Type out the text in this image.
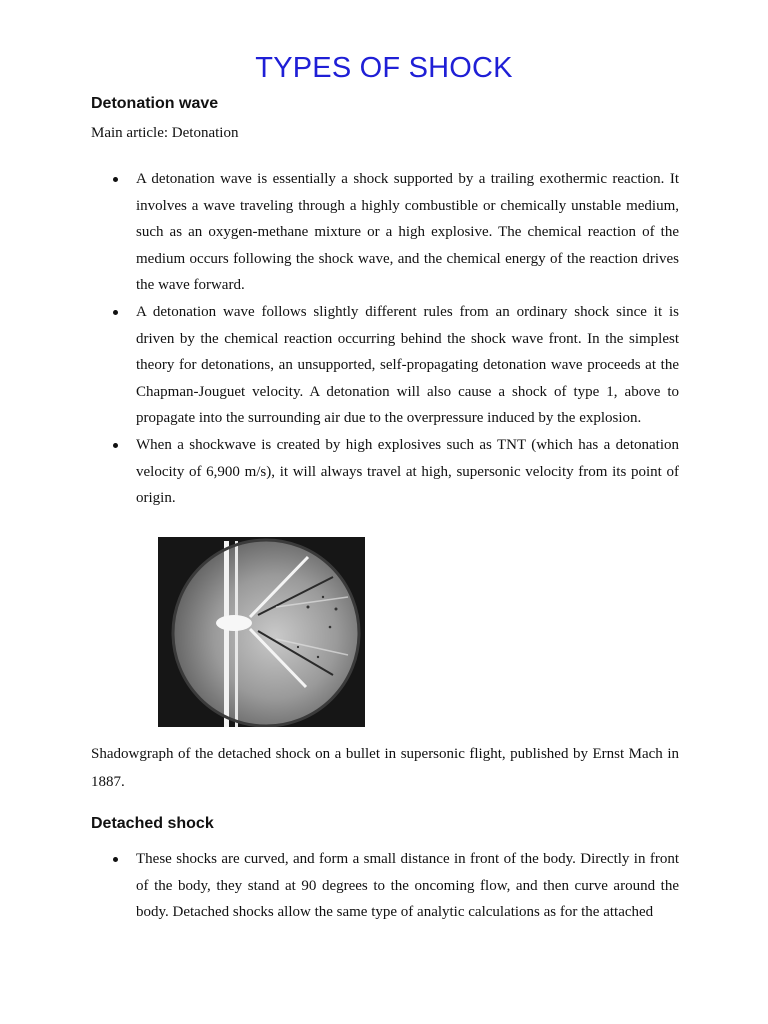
TYPES OF SHOCK
Detonation wave

Main article: Detonation

A detonation wave is essentially a shock supported by a trailing exothermic reaction. It involves a wave traveling through a highly combustible or chemically unstable medium, such as an oxygen-methane mixture or a high explosive. The chemical reaction of the medium occurs following the shock wave, and the chemical energy of the reaction drives the wave forward.
A detonation wave follows slightly different rules from an ordinary shock since it is driven by the chemical reaction occurring behind the shock wave front. In the simplest theory for detonations, an unsupported, self-propagating detonation wave proceeds at the Chapman-Jouguet velocity. A detonation will also cause a shock of type 1, above to propagate into the surrounding air due to the overpressure induced by the explosion.
When a shockwave is created by high explosives such as TNT (which has a detonation velocity of 6,900 m/s), it will always travel at high, supersonic velocity from its point of origin.

Shadowgraph of the detached shock on a bullet in supersonic flight, published by Ernst Mach in 1887.

Detached shock
These shocks are curved, and form a small distance in front of the body. Directly in front of the body, they stand at 90 degrees to the oncoming flow, and then curve around the body. Detached shocks allow the same type of analytic calculations as for the attached
